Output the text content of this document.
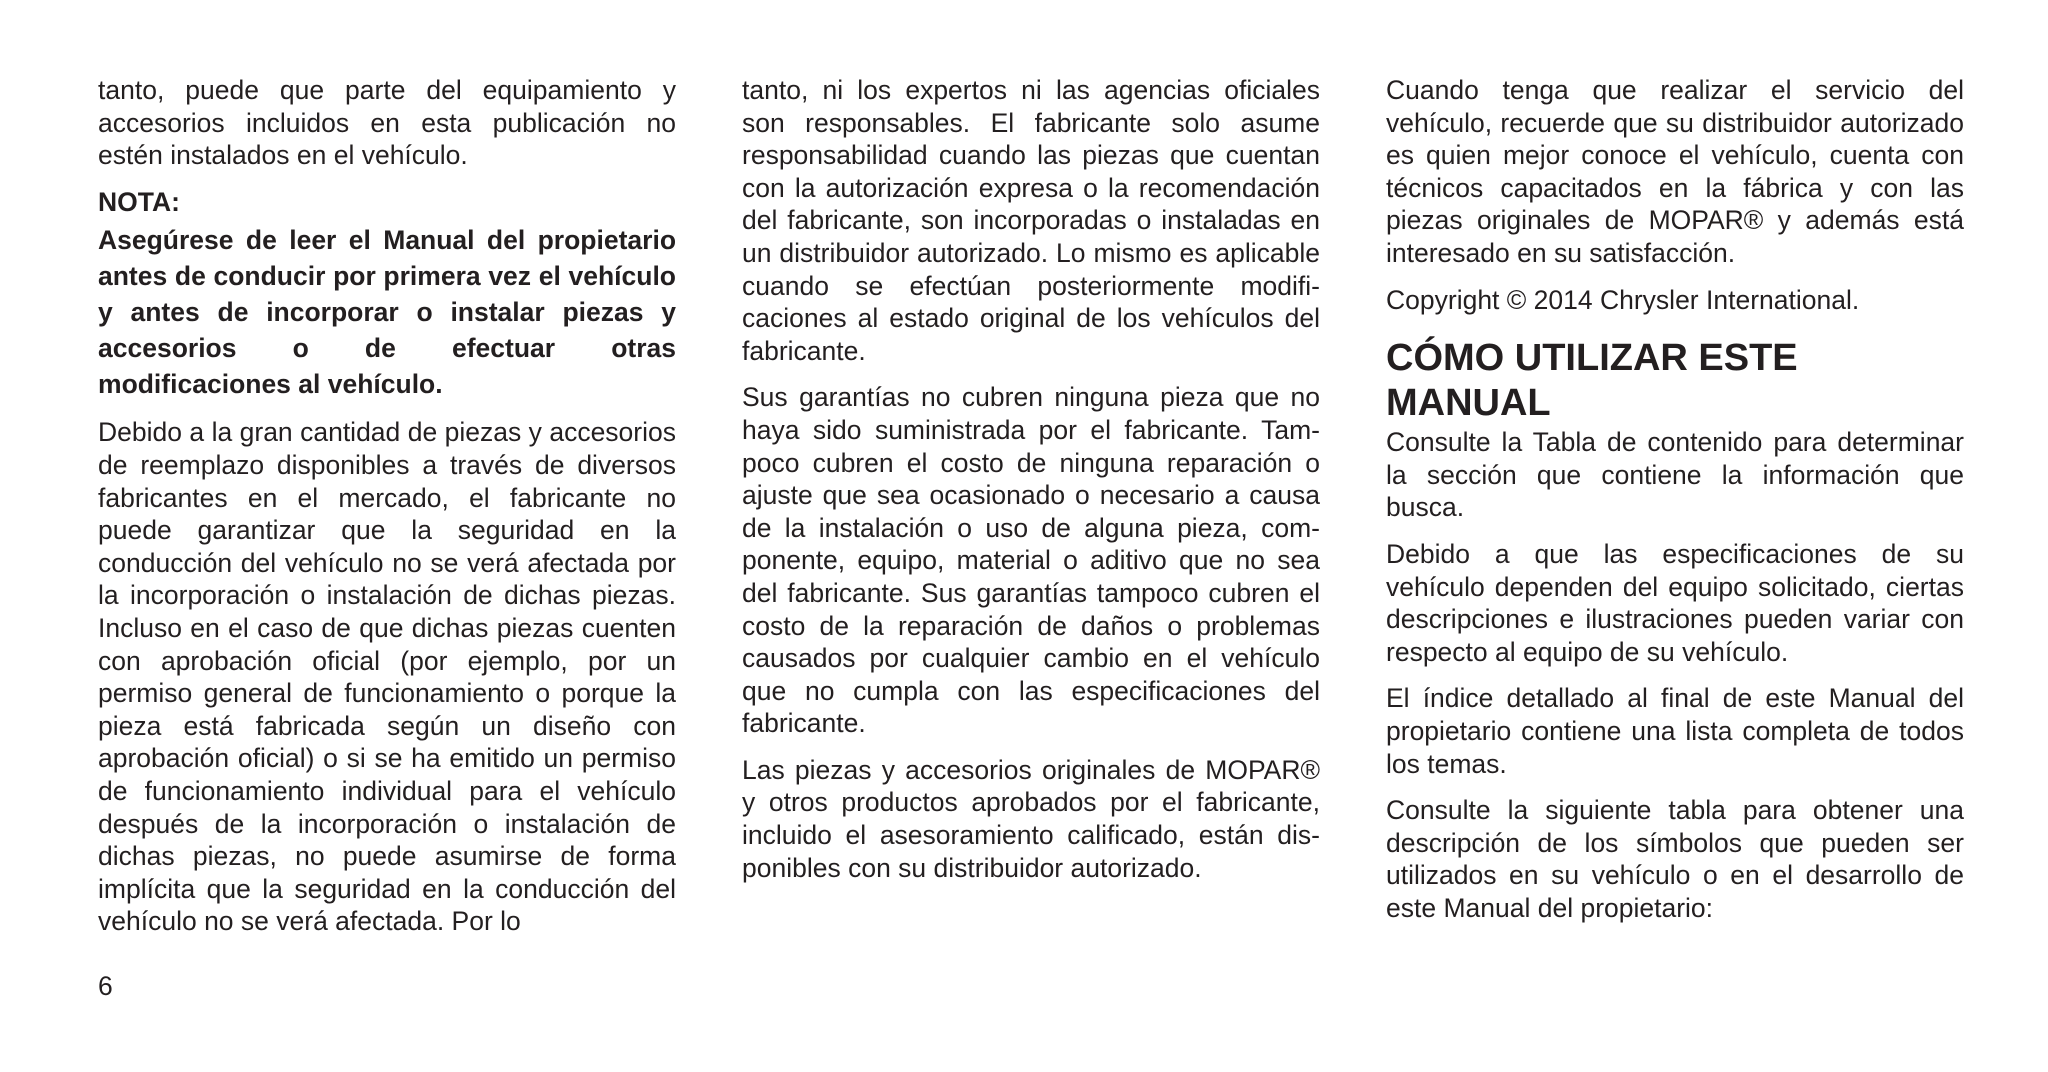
tanto, puede que parte del equipamiento y accesorios incluidos en esta publicación no estén instalados en el vehículo.

NOTA:

Asegúrese de leer el Manual del propietario antes de conducir por primera vez el vehículo y antes de incorporar o instalar piezas y accesorios o de efectuar otras modificaciones al vehículo.

Debido a la gran cantidad de piezas y accesorios de reemplazo disponibles a través de diversos fabricantes en el mercado, el fabricante no puede garantizar que la seguridad en la conducción del vehículo no se verá afectada por la incorporación o instalación de dichas piezas. Incluso en el caso de que dichas piezas cuenten con aprobación oficial (por ejemplo, por un permiso general de funcionamiento o porque la pieza está fabricada según un diseño con aprobación oficial) o si se ha emitido un permiso de funcionamiento individual para el vehículo después de la incorporación o instalación de dichas piezas, no puede asumirse de forma implícita que la seguridad en la conducción del vehículo no se verá afectada. Por lo

tanto, ni los expertos ni las agencias oficiales son responsables. El fabricante solo asume responsabilidad cuando las piezas que cuentan con la autorización expresa o la recomendación del fabricante, son incorporadas o instaladas en un distribuidor autorizado. Lo mismo es aplicable cuando se efectúan posteriormente modificaciones al estado original de los vehículos del fabricante.

Sus garantías no cubren ninguna pieza que no haya sido suministrada por el fabricante. Tampoco cubren el costo de ninguna reparación o ajuste que sea ocasionado o necesario a causa de la instalación o uso de alguna pieza, componente, equipo, material o aditivo que no sea del fabricante. Sus garantías tampoco cubren el costo de la reparación de daños o problemas causados por cualquier cambio en el vehículo que no cumpla con las especificaciones del fabricante.

Las piezas y accesorios originales de MOPAR® y otros productos aprobados por el fabricante, incluido el asesoramiento calificado, están disponibles con su distribuidor autorizado.

Cuando tenga que realizar el servicio del vehículo, recuerde que su distribuidor autorizado es quien mejor conoce el vehículo, cuenta con técnicos capacitados en la fábrica y con las piezas originales de MOPAR® y además está interesado en su satisfacción.

Copyright © 2014 Chrysler International.

CÓMO UTILIZAR ESTE MANUAL

Consulte la Tabla de contenido para determinar la sección que contiene la información que busca.

Debido a que las especificaciones de su vehículo dependen del equipo solicitado, ciertas descripciones e ilustraciones pueden variar con respecto al equipo de su vehículo.

El índice detallado al final de este Manual del propietario contiene una lista completa de todos los temas.

Consulte la siguiente tabla para obtener una descripción de los símbolos que pueden ser utilizados en su vehículo o en el desarrollo de este Manual del propietario:

6
